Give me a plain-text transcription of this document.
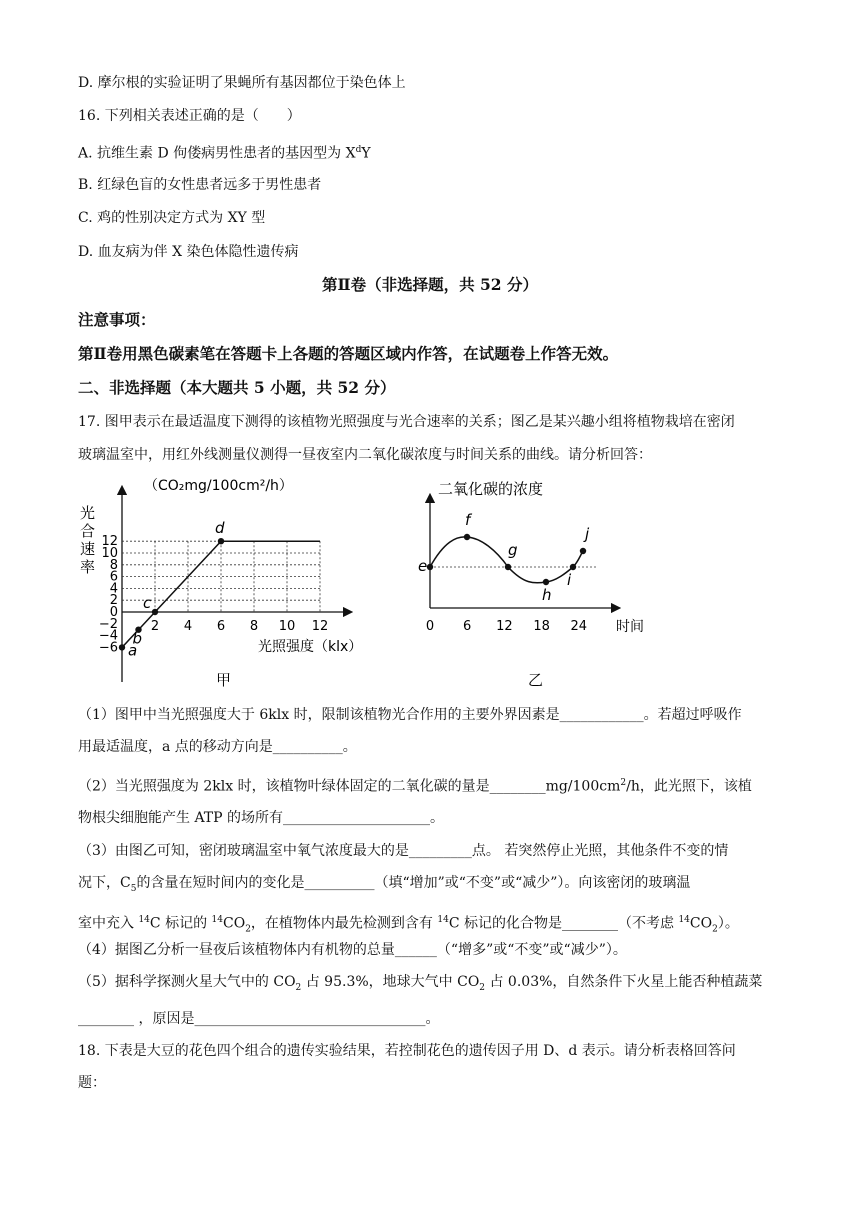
D. 摩尔根的实验证明了果蝇所有基因都位于染色体上
16. 下列相关表述正确的是（　　）
A. 抗维生素 D 佝偻病男性患者的基因型为 $X^dY$
B. 红绿色盲的女性患者远多于男性患者
C. 鸡的性别决定方式为 XY 型
D. 血友病为伴 X 染色体隐性遗传病
第Ⅱ卷（非选择题，共 52 分）
注意事项：
第Ⅱ卷用黑色碳素笔在答题卡上各题的答题区域内作答，在试题卷上作答无效。
二、非选择题（本大题共 5 小题，共 52 分）
17. 图甲表示在最适温度下测得的该植物光照强度与光合速率的关系；图乙是某兴趣小组将植物栽培在密闭
玻璃温室中，用红外线测量仪测得一昼夜室内二氧化碳浓度与时间关系的曲线。请分析回答：
（CO₂mg/100cm²/h）
光
合
速
率
12
10
8
6
4
2
0
−2
−4
−6
2 4 6 8 10 12
a
b
c
d
光照强度（klx）
甲
二氧化碳的浓度
0 6 12 18 24
e
f
g
h
i
j
时间
乙
（1）图甲中当光照强度大于 6klx 时，限制该植物光合作用的主要外界因素是____________。若超过呼吸作
用最适温度，a 点的移动方向是__________。
（2）当光照强度为 2klx 时，该植物叶绿体固定的二氧化碳的量是$\_\_\_\_\_\_\_\_mg/100cm^2/h$，此光照下，该植
物根尖细胞能产生 ATP 的场所有_____________________。
（3）由图乙可知，密闭玻璃温室中氧气浓度最大的是_________点。 若突然停止光照，其他条件不变的情
况下，$C_5$的含量在短时间内的变化是__________（填“增加”或“不变”或“减少”）。向该密闭的玻璃温
室中充入 $^{14}$C 标记的 $^{14}CO_2$，在植物体内最先检测到含有 $^{14}$C 标记的化合物是________（不考虑 $^{14}CO_2$）。
（4）据图乙分析一昼夜后该植物体内有机物的总量______（“增多”或“不变”或“减少”）。
（5）据科学探测火星大气中的 $CO_2$ 占 95.3%，地球大气中 $CO_2$ 占 0.03%，自然条件下火星上能否种植蔬菜
________ ，原因是_________________________________。
18. 下表是大豆的花色四个组合的遗传实验结果，若控制花色的遗传因子用 D、d 表示。请分析表格回答问
题：
